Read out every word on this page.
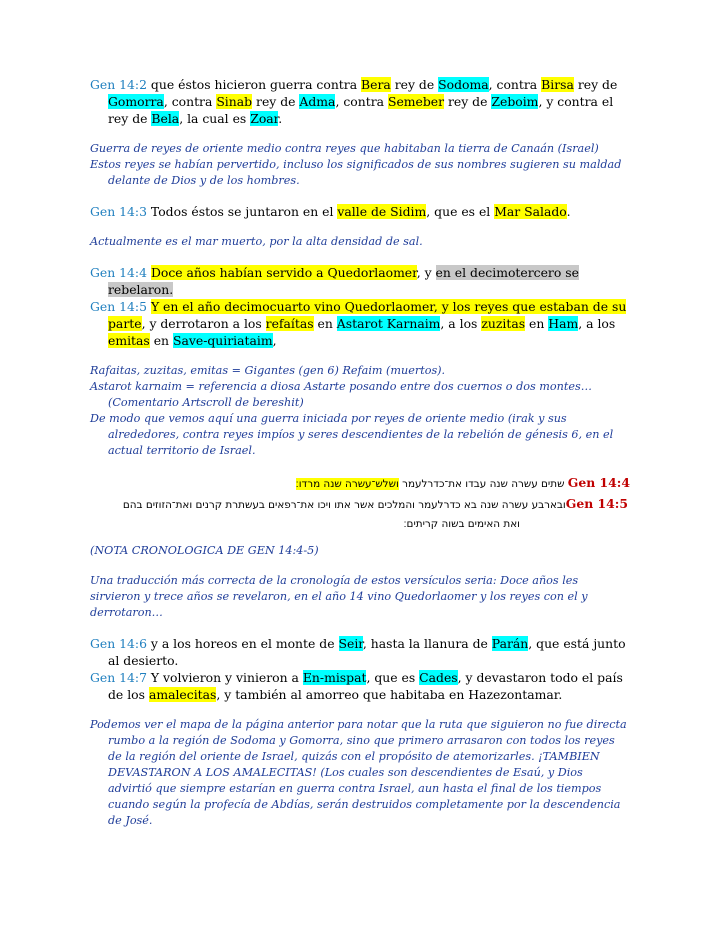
Gen 14:2 que éstos hicieron guerra contra Bera rey de Sodoma, contra Birsa rey de Gomorra, contra Sinab rey de Adma, contra Semeber rey de Zeboim, y contra el rey de Bela, la cual es Zoar.

Guerra de reyes de oriente medio contra reyes que habitaban la tierra de Canaán (Israel)

Estos reyes se habían pervertido, incluso los significados de sus nombres sugieren su maldad delante de Dios y de los hombres.

Gen 14:3 Todos éstos se juntaron en el valle de Sidim, que es el Mar Salado.

Actualmente es el mar muerto, por la alta densidad de sal.

Gen 14:4 Doce años habían servido a Quedorlaomer, y en el decimotercero se rebelaron.

Gen 14:5 Y en el año decimocuarto vino Quedorlaomer, y los reyes que estaban de su parte, y derrotaron a los refaítas en Astarot Karnaim, a los zuzitas en Ham, a los emitas en Save-quiriataim,

Rafaitas, zuzitas, emitas = Gigantes (gen 6) Refaim (muertos).

Astarot karnaim = referencia a diosa Astarte posando entre dos cuernos o dos montes… (Comentario Artscroll de bereshit)

De modo que vemos aquí una guerra iniciada por reyes de oriente medio (irak y sus alrededores, contra reyes impíos y seres descendientes de la rebelión de génesis 6, en el actual territorio de Israel.

Gen 14:4 שתים עשרה שנה עבדו את־כדרלעמר ושלש־עשרה שנה מרדו׃

Gen 14:5ובארבע עשרה שנה בא כדרלעמר והמלכים אשר אתו ויכו את־רפאים בעשתרת קרנים ואת־הזוזים בהם

ואת האימים בשוה קריתים׃

(NOTA CRONOLOGICA DE GEN 14:4-5)

Una traducción más correcta de la cronología de estos versículos seria: Doce años les sirvieron y trece años se revelaron, en el año 14 vino Quedorlaomer y los reyes con el y derrotaron…

Gen 14:6 y a los horeos en el monte de Seir, hasta la llanura de Parán, que está junto al desierto.

Gen 14:7 Y volvieron y vinieron a En-mispat, que es Cades, y devastaron todo el país de los amalecitas, y también al amorreo que habitaba en Hazezontamar.

Podemos ver el mapa de la página anterior para notar que la ruta que siguieron no fue directa rumbo a la región de Sodoma y Gomorra, sino que primero arrasaron con todos los reyes de la región del oriente de Israel, quizás con el propósito de atemorizarles. ¡TAMBIEN DEVASTARON A LOS AMALECITAS! (Los cuales son descendientes de Esaú, y Dios advirtió que siempre estarían en guerra contra Israel, aun hasta el final de los tiempos cuando según la profecía de Abdías, serán destruidos completamente por la descendencia de José.
